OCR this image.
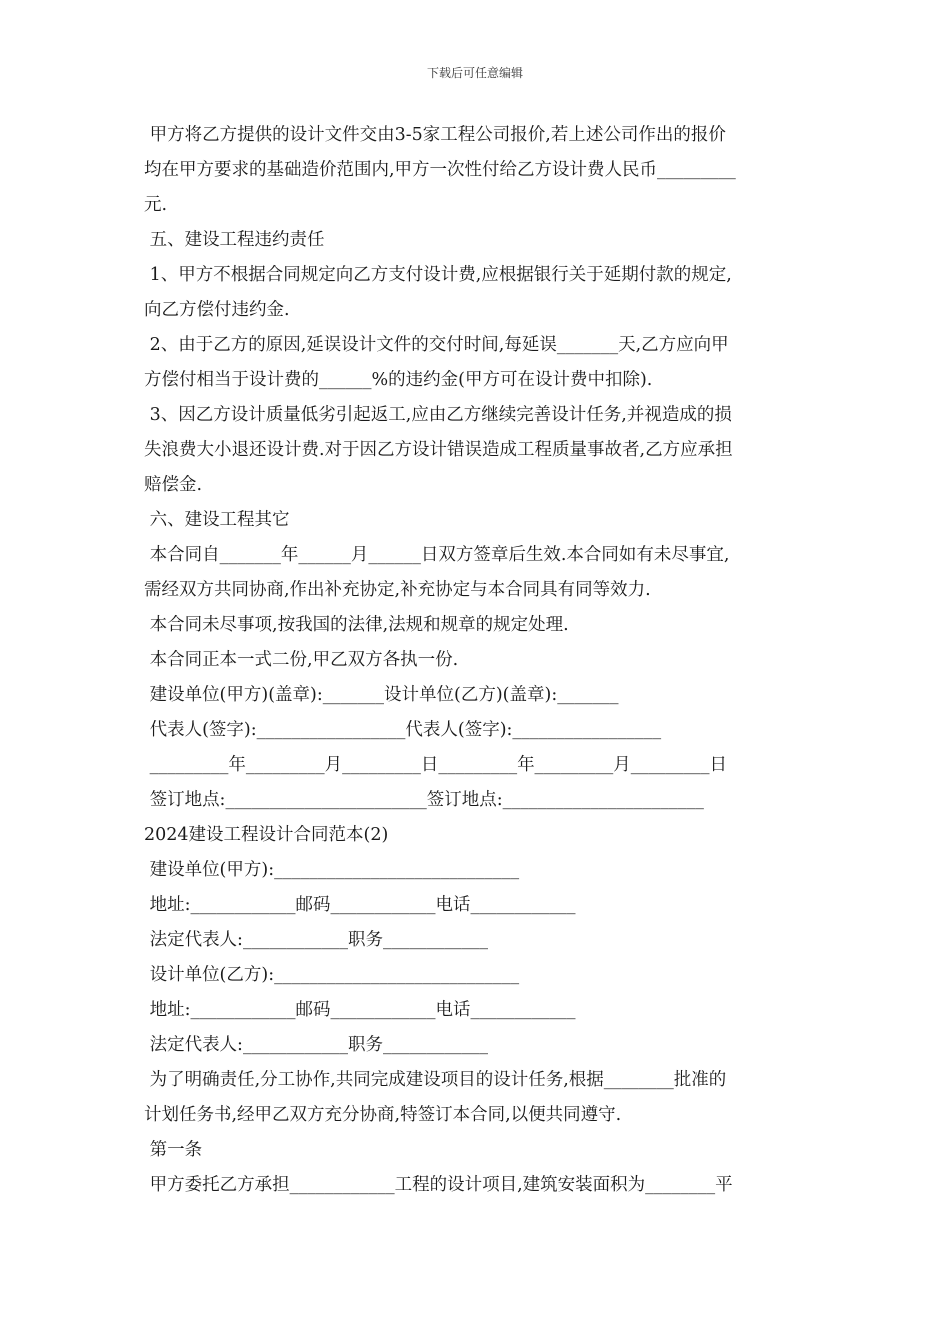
下载后可任意编辑

甲方将乙方提供的设计文件交由3-5家工程公司报价,若上述公司作出的报价

均在甲方要求的基础造价范围内,甲方一次性付给乙方设计费人民币_________

元.

五、建设工程违约责任

1、甲方不根据合同规定向乙方支付设计费,应根据银行关于延期付款的规定,

向乙方偿付违约金.

2、由于乙方的原因,延误设计文件的交付时间,每延误_______天,乙方应向甲

方偿付相当于设计费的______%的违约金(甲方可在设计费中扣除).

3、因乙方设计质量低劣引起返工,应由乙方继续完善设计任务,并视造成的损

失浪费大小退还设计费.对于因乙方设计错误造成工程质量事故者,乙方应承担

赔偿金.

六、建设工程其它

本合同自_______年______月______日双方签章后生效.本合同如有未尽事宜,

需经双方共同协商,作出补充协定,补充协定与本合同具有同等效力.

本合同未尽事项,按我国的法律,法规和规章的规定处理.

本合同正本一式二份,甲乙双方各执一份.

建设单位(甲方)(盖章):_______设计单位(乙方)(盖章):_______

代表人(签字):_________________代表人(签字):_________________

_________年_________月_________日_________年_________月_________日

签订地点:_______________________签订地点:_______________________

2024建设工程设计合同范本(2)

建设单位(甲方):____________________________

地址:____________邮码____________电话____________

法定代表人:____________职务____________

设计单位(乙方):____________________________

地址:____________邮码____________电话____________

法定代表人:____________职务____________

为了明确责任,分工协作,共同完成建设项目的设计任务,根据________批准的

计划任务书,经甲乙双方充分协商,特签订本合同,以便共同遵守.

第一条

甲方委托乙方承担____________工程的设计项目,建筑安装面积为________平
